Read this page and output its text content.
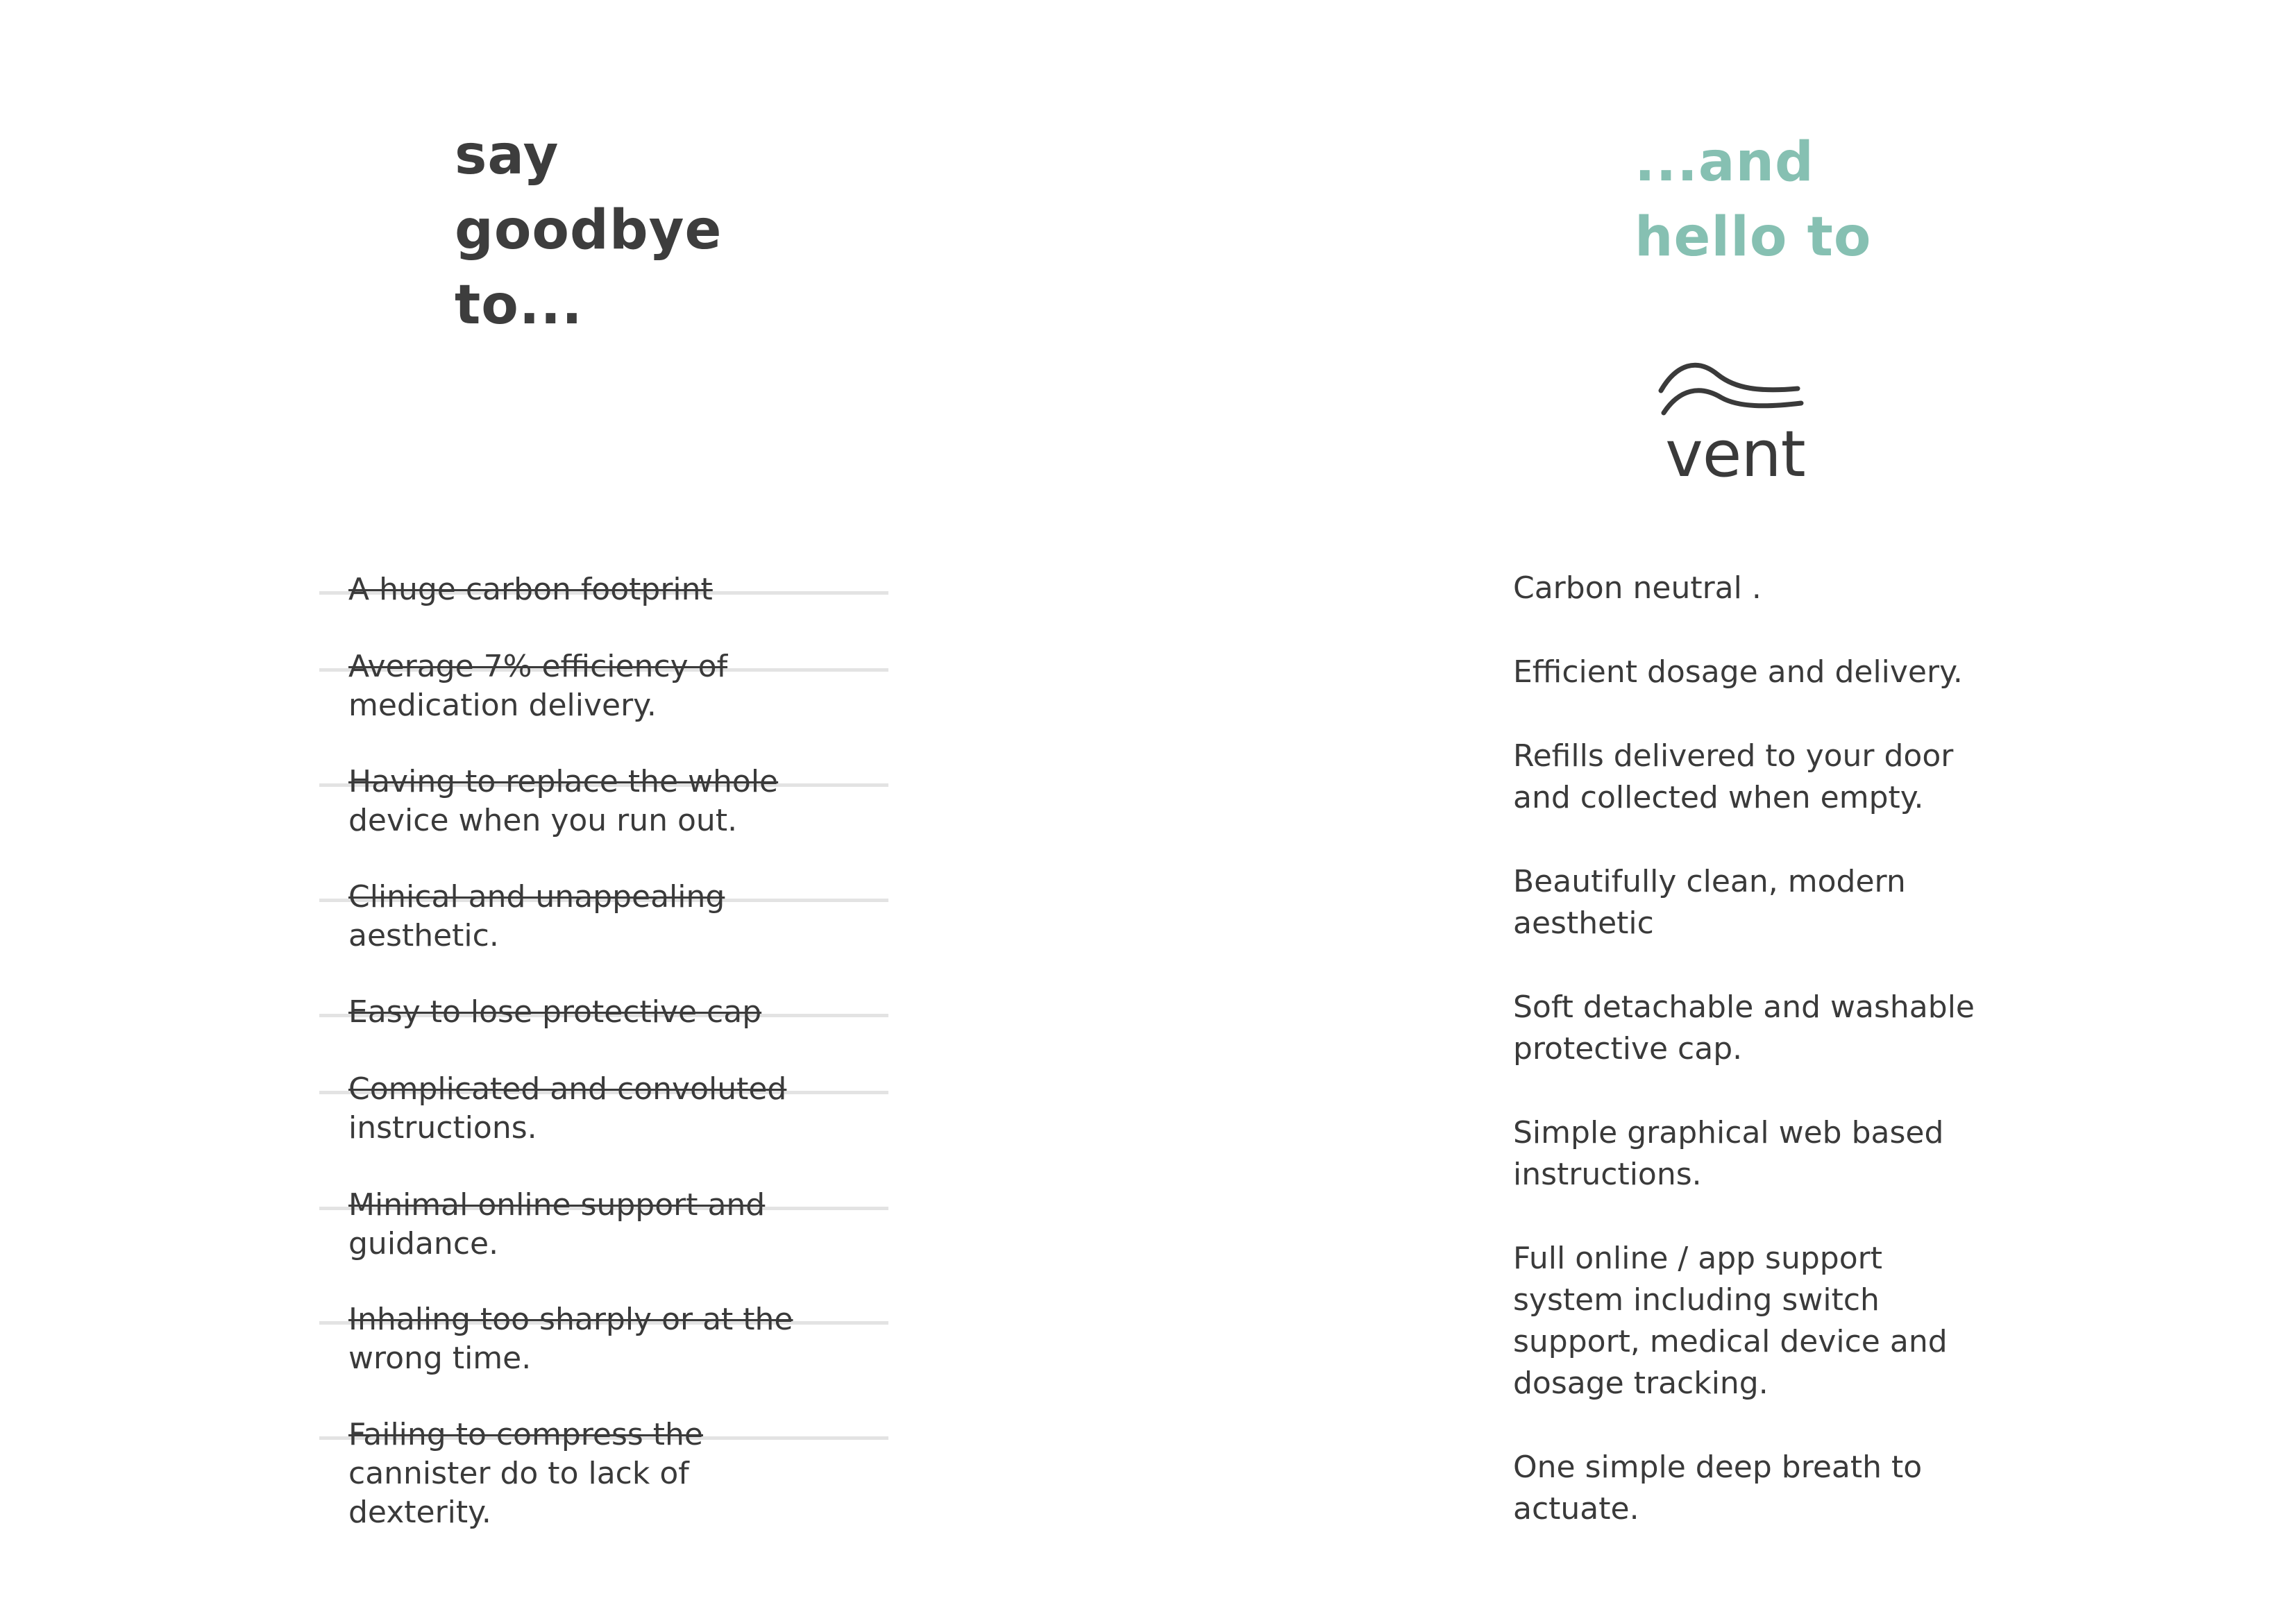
say
goodbye
to...
...and
hello to
vent
A huge carbon footprint
Average 7% efficiency of
medication delivery.
Having to replace the whole
device when you run out.
Clinical and unappealing
aesthetic.
Easy to lose protective cap
Complicated and convoluted
instructions.
Minimal online support and
guidance.
Inhaling too sharply or at the
wrong time.
Failing to compress the
cannister do to lack of dexterity.
Carbon neutral .
Efficient dosage and delivery.
Refills delivered to your door and collected when empty.
Beautifully clean, modern aesthetic
Soft detachable and washable protective cap.
Simple graphical web based instructions.
Full online / app support system including switch support, medical device and dosage tracking.
One simple deep breath to actuate.
